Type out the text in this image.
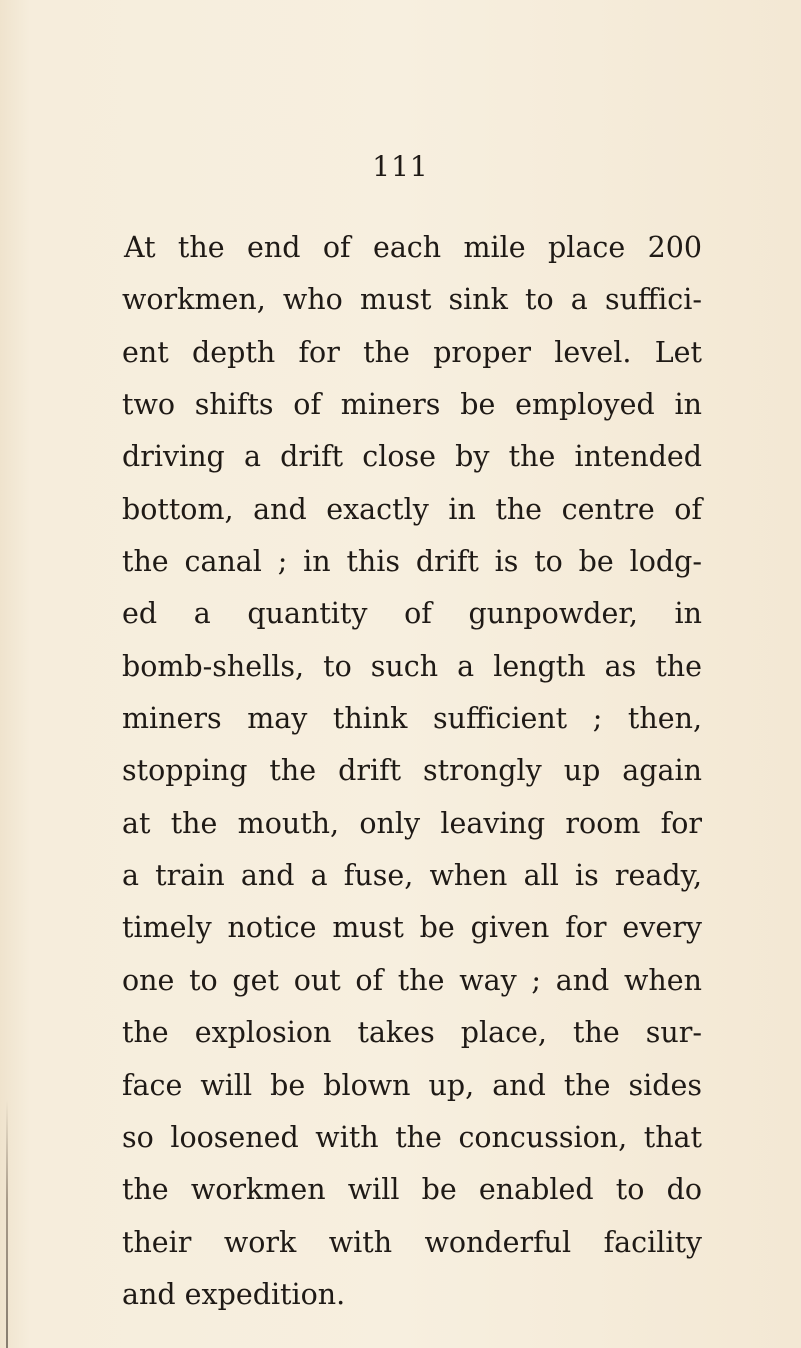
111
At the end of each mile place 200
workmen, who must sink to a suffici-
ent depth for the proper level. Let
two shifts of miners be employed in
driving a drift close by the intended
bottom, and exactly in the centre of
the canal ; in this drift is to be lodg-
ed a quantity of gunpowder, in
bomb-shells, to such a length as the
miners may think sufficient ; then,
stopping the drift strongly up again
at the mouth, only leaving room for
a train and a fuse, when all is ready,
timely notice must be given for every
one to get out of the way ; and when
the explosion takes place, the sur-
face will be blown up, and the sides
so loosened with the concussion, that
the workmen will be enabled to do
their work with wonderful facility
and expedition.
